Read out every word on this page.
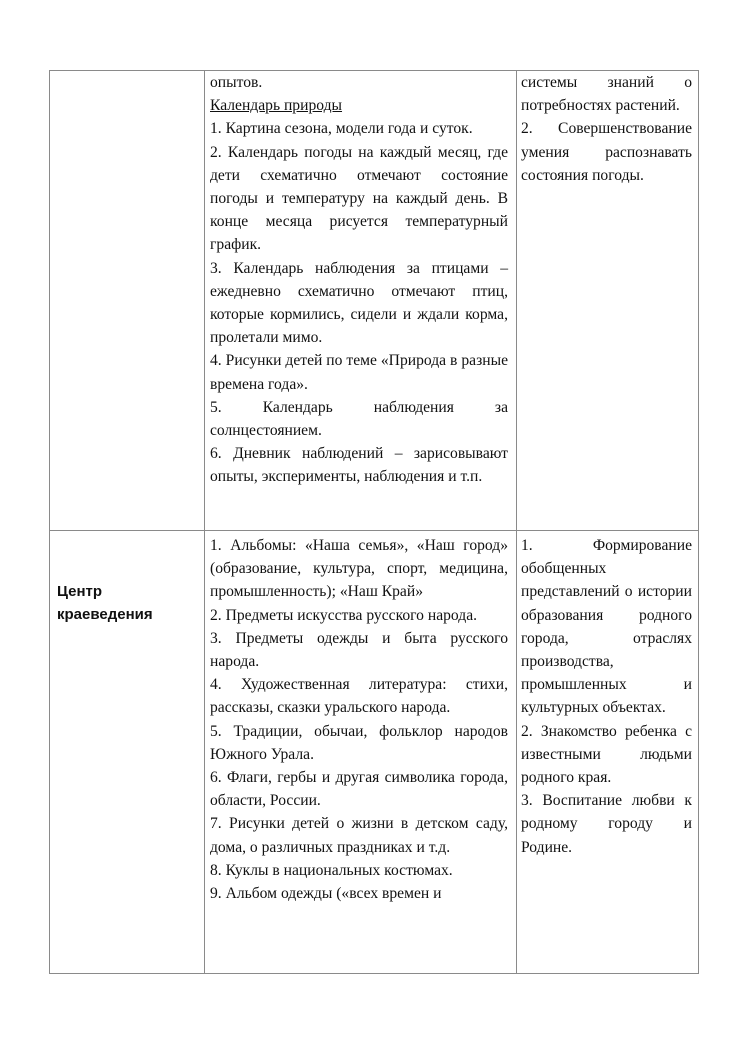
опытов.

Календарь природы

1. Картина сезона, модели года и суток.

2. Календарь погоды на каждый месяц, где дети схематично отмечают состояние погоды и температуру на каждый день. В конце месяца рисуется температурный график.

3. Календарь наблюдения за птицами – ежедневно схематично отмечают птиц, которые кормились, сидели и ждали корма, пролетали мимо.

4. Рисунки детей по теме «Природа в разные времена года».

5. Календарь наблюдения за солнцестоянием.

6. Дневник наблюдений – зарисовывают опыты, эксперименты, наблюдения и т.п.

системы знаний о потребностях растений.

2. Совершенствование умения распознавать состояния погоды.

Центр краеведения

1. Альбомы: «Наша семья», «Наш город» (образование, культура, спорт, медицина, промышленность); «Наш Край»

2. Предметы искусства русского народа.

3. Предметы одежды и быта русского народа.

4. Художественная литература: стихи, рассказы, сказки уральского народа.

5. Традиции, обычаи, фольклор народов Южного Урала.

6. Флаги, гербы и другая символика города, области, России.

7. Рисунки детей о жизни в детском саду, дома, о различных праздниках и т.д.

8. Куклы в национальных костюмах.

9. Альбом одежды («всех времен и

1. Формирование обобщенных представлений о истории образования родного города, отраслях производства, промышленных и культурных объектах.

2. Знакомство ребенка с известными людьми родного края.

3. Воспитание любви к родному городу и Родине.
